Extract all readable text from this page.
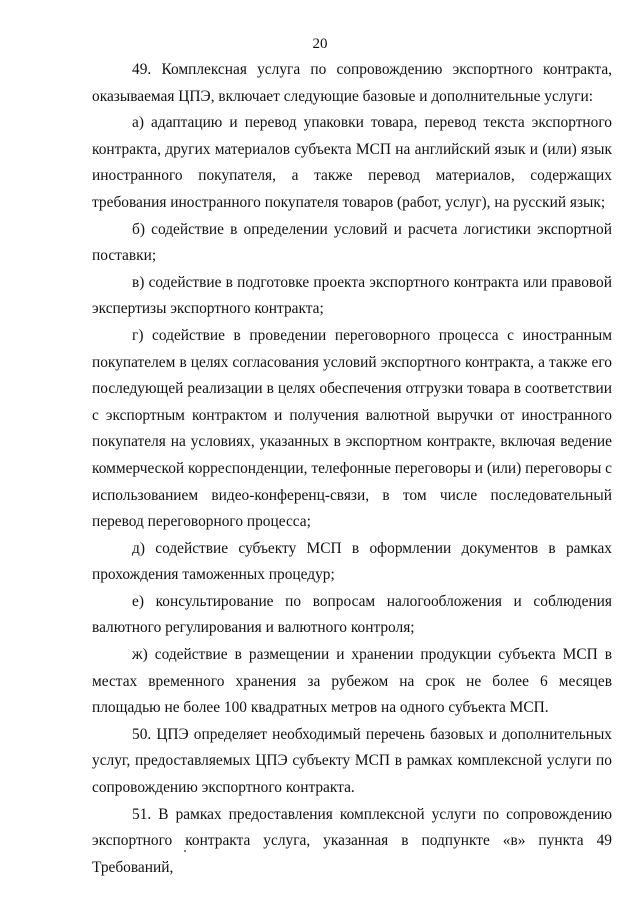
20

49. Комплексная услуга по сопровождению экспортного контракта, оказываемая ЦПЭ, включает следующие базовые и дополнительные услуги:

а) адаптацию и перевод упаковки товара, перевод текста экспортного контракта, других материалов субъекта МСП на английский язык и (или) язык иностранного покупателя, а также перевод материалов, содержащих требования иностранного покупателя товаров (работ, услуг), на русский язык;

б) содействие в определении условий и расчета логистики экспортной поставки;

в) содействие в подготовке проекта экспортного контракта или правовой экспертизы экспортного контракта;

г) содействие в проведении переговорного процесса с иностранным покупателем в целях согласования условий экспортного контракта, а также его последующей реализации в целях обеспечения отгрузки товара в соответствии с экспортным контрактом и получения валютной выручки от иностранного покупателя на условиях, указанных в экспортном контракте, включая ведение коммерческой корреспонденции, телефонные переговоры и (или) переговоры с использованием видео-конференц-связи, в том числе последовательный перевод переговорного процесса;

д) содействие субъекту МСП в оформлении документов в рамках прохождения таможенных процедур;

е) консультирование по вопросам налогообложения и соблюдения валютного регулирования и валютного контроля;

ж) содействие в размещении и хранении продукции субъекта МСП в местах временного хранения за рубежом на срок не более 6 месяцев площадью не более 100 квадратных метров на одного субъекта МСП.

50. ЦПЭ определяет необходимый перечень базовых и дополнительных услуг, предоставляемых ЦПЭ субъекту МСП в рамках комплексной услуги по сопровождению экспортного контракта.

51. В рамках предоставления комплексной услуги по сопровождению экспортного контракта услуга, указанная в подпункте «в» пункта 49 Требований,
